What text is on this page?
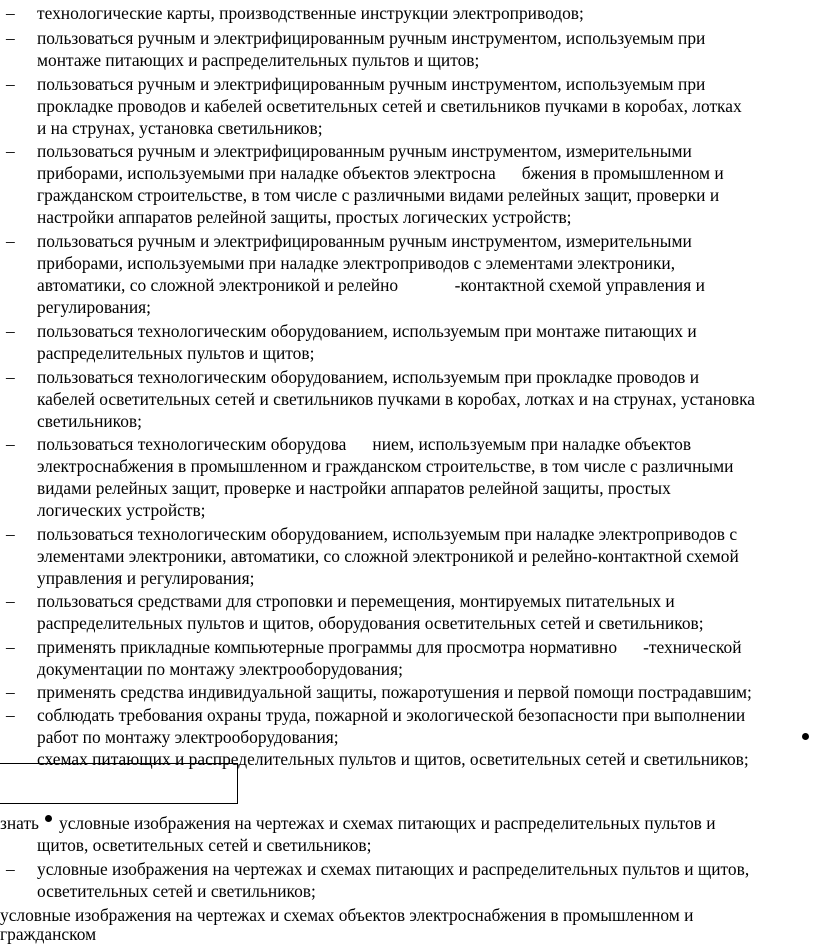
– технологические карты, производственные инструкции электроприводов;
– пользоваться ручным и электрифицированным ручным инструментом, используемым при
монтаже питающих и распределительных пультов и щитов;
– пользоваться ручным и электрифицированным ручным инструментом, используемым при
прокладке проводов и кабелей осветительных сетей и светильников пучками в коробах, лотках
и на струнах, установка светильников;
– пользоваться ручным и электрифицированным ручным инструментом, измерительными
приборами, используемыми при наладке объектов электросна      бжения в промышленном и
гражданском строительстве, в том числе с различными видами релейных защит, проверки и
настройки аппаратов релейной защиты, простых логических устройств;
– пользоваться ручным и электрифицированным ручным инструментом, измерительными
приборами, используемыми при наладке электроприводов с элементами электроники,
автоматики, со сложной электроникой и релейно             -контактной схемой управления и
регулирования;
– пользоваться технологическим оборудованием, используемым при монтаже питающих и
распределительных пультов и щитов;
– пользоваться технологическим оборудованием, используемым при прокладке проводов и
кабелей осветительных сетей и светильников пучками в коробах, лотках и на струнах, установка
светильников;
– пользоваться технологическим оборудова      нием, используемым при наладке объектов
электроснабжения в промышленном и гражданском строительстве, в том числе с различными
видами релейных защит, проверке и настройки аппаратов релейной защиты, простых
логических устройств;
– пользоваться технологическим оборудованием, используемым при наладке электроприводов с
элементами электроники, автоматики, со сложной электроникой и релейно-контактной схемой
управления и регулирования;
– пользоваться средствами для строповки и перемещения, монтируемых питательных и
распределительных пультов и щитов, оборудования осветительных сетей и светильников;
– применять прикладные компьютерные программы для просмотра нормативно      -технической
документации по монтажу электрооборудования;
– применять средства индивидуальной защиты, пожаротушения и первой помощи пострадавшим;
– соблюдать требования охраны труда, пожарной и экологической безопасности при выполнении
работ по монтажу электрооборудования;
схемах питающих и распределительных пультов и щитов, осветительных сетей и светильников;
знать условные изображения на чертежах и схемах питающих и распределительных пультов и
щитов, осветительных сетей и светильников;
– условные изображения на чертежах и схемах питающих и распределительных пультов и щитов,
осветительных сетей и светильников;
условные изображения на чертежах и схемах объектов электроснабжения в промышленном и
гражданском
